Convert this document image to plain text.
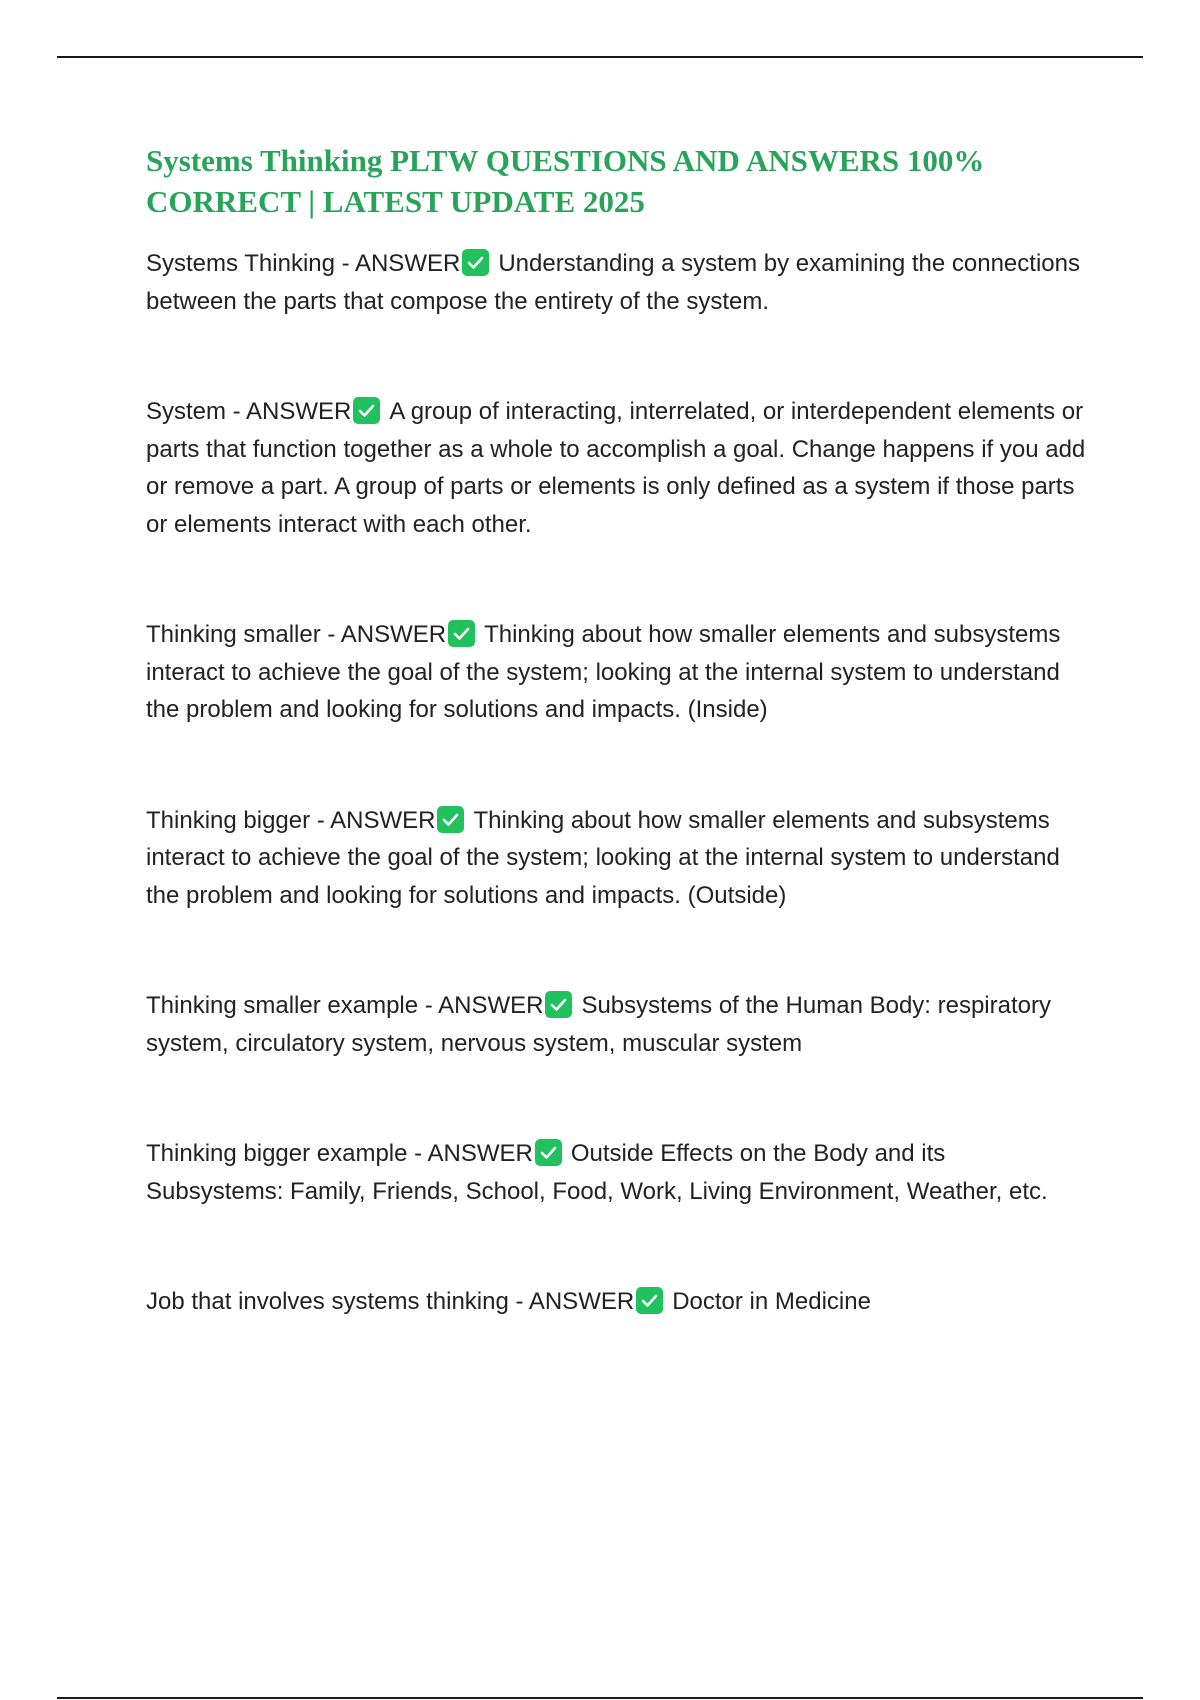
Systems Thinking PLTW QUESTIONS AND ANSWERS 100% CORRECT | LATEST UPDATE 2025

Systems Thinking - ANSWER Understanding a system by examining the connections between the parts that compose the entirety of the system.

System - ANSWER A group of interacting, interrelated, or interdependent elements or parts that function together as a whole to accomplish a goal. Change happens if you add or remove a part. A group of parts or elements is only defined as a system if those parts or elements interact with each other.

Thinking smaller - ANSWER Thinking about how smaller elements and subsystems interact to achieve the goal of the system; looking at the internal system to understand the problem and looking for solutions and impacts. (Inside)

Thinking bigger - ANSWER Thinking about how smaller elements and subsystems interact to achieve the goal of the system; looking at the internal system to understand the problem and looking for solutions and impacts. (Outside)

Thinking smaller example - ANSWER Subsystems of the Human Body: respiratory system, circulatory system, nervous system, muscular system

Thinking bigger example - ANSWER Outside Effects on the Body and its Subsystems: Family, Friends, School, Food, Work, Living Environment, Weather, etc.

Job that involves systems thinking - ANSWER Doctor in Medicine
